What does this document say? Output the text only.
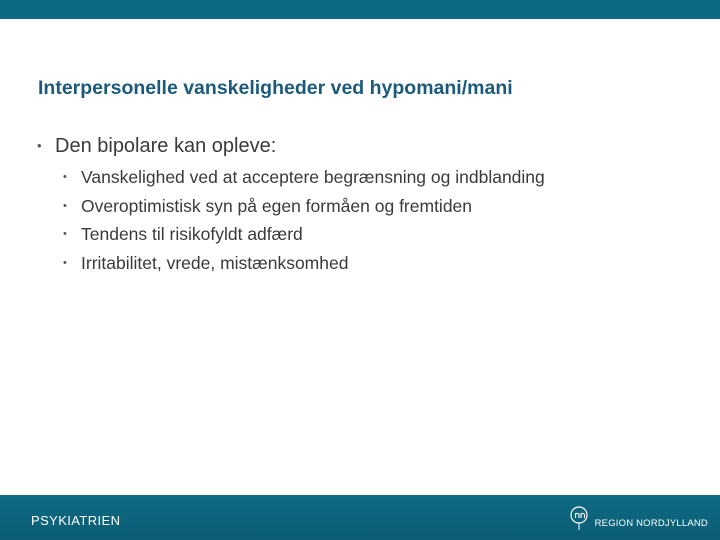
Interpersonelle vanskeligheder ved hypomani/mani
• Den bipolare kan opleve:
• Vanskelighed ved at acceptere begrænsning og indblanding
• Overoptimistisk syn på egen formåen og fremtiden
• Tendens til risikofyldt adfærd
• Irritabilitet, vrede, mistænksomhed
PSYKIATRIEN	REGION NORDJYLLAND
